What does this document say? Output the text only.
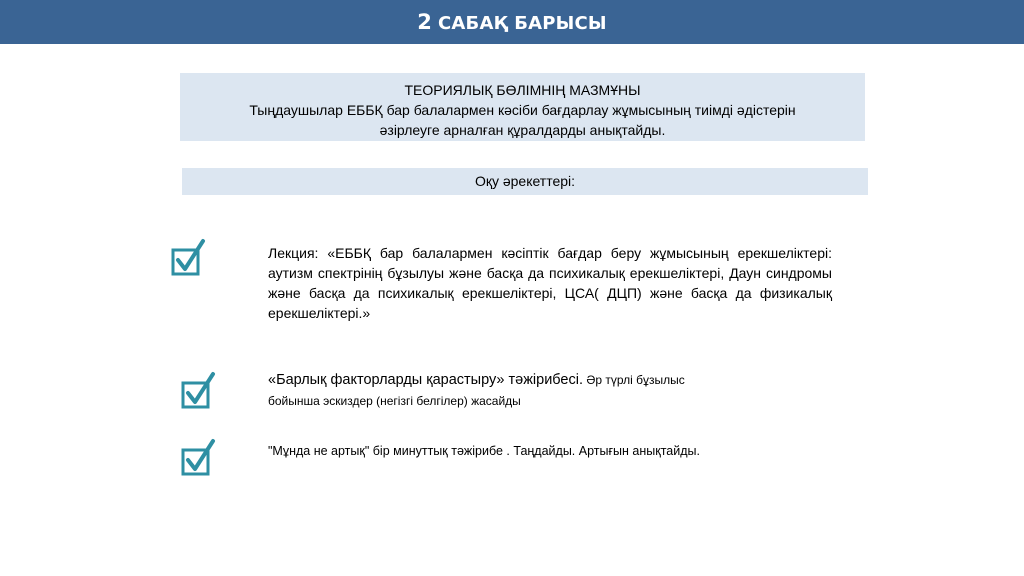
2 САБАҚ БАРЫСЫ
ТЕОРИЯЛЫҚ БӨЛІМНІҢ МАЗМҰНЫ
Тыңдаушылар ЕББҚ бар балалармен кәсіби бағдарлау жұмысының тиімді әдістерін
әзірлеуге арналған құралдарды анықтайды.
Оқу әрекеттері:
Лекция: «ЕББҚ бар балалармен кәсіптік бағдар беру жұмысының ерекшеліктері: аутизм спектрінің бұзылуы және басқа да психикалық ерекшеліктері, Даун синдромы және басқа да психикалық ерекшеліктері, ЦСА( ДЦП) және басқа да физикалық ерекшеліктері.»
«Барлық факторларды қарастыру» тәжірибесі. Әр түрлі бұзылыс
бойынша эскиздер (негізгі белгілер) жасайды
"Мұнда не артық" бір минуттық тәжірибе . Таңдайды. Артығын анықтайды.
